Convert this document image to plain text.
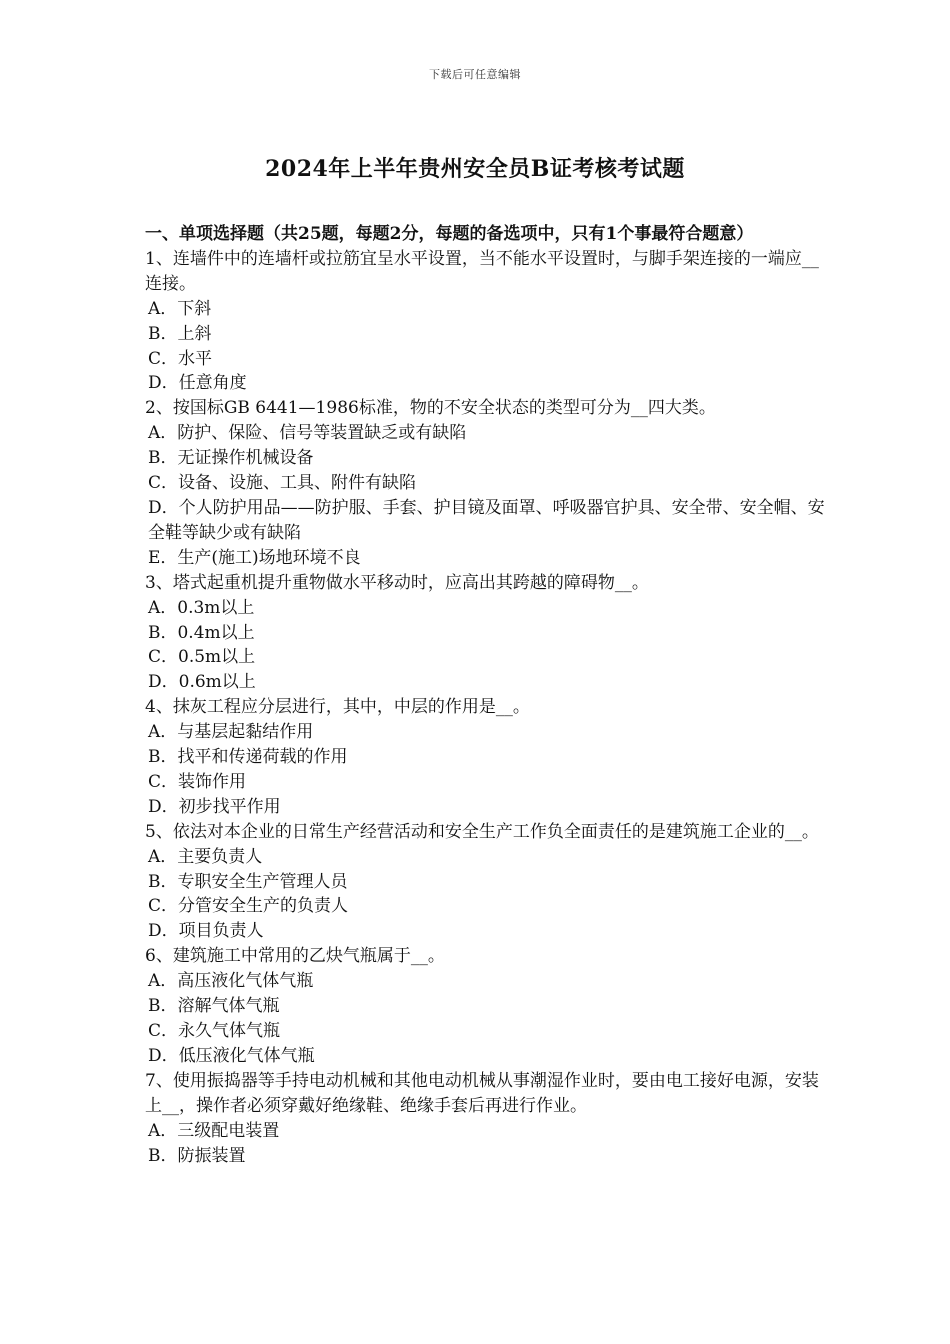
下载后可任意编辑
2024年上半年贵州安全员B证考核考试题
一、单项选择题（共25题，每题2分，每题的备选项中，只有1个事最符合题意）
1、连墙件中的连墙杆或拉筋宜呈水平设置，当不能水平设置时，与脚手架连接的一端应__连接。
A．下斜
B．上斜
C．水平
D．任意角度
2、按国标GB 6441—1986标准，物的不安全状态的类型可分为__四大类。
A．防护、保险、信号等装置缺乏或有缺陷
B．无证操作机械设备
C．设备、设施、工具、附件有缺陷
D．个人防护用品——防护服、手套、护目镜及面罩、呼吸器官护具、安全带、安全帽、安全鞋等缺少或有缺陷
E．生产(施工)场地环境不良
3、塔式起重机提升重物做水平移动时，应高出其跨越的障碍物__。
A．0.3m以上
B．0.4m以上
C．0.5m以上
D．0.6m以上
4、抹灰工程应分层进行，其中，中层的作用是__。
A．与基层起黏结作用
B．找平和传递荷载的作用
C．装饰作用
D．初步找平作用
5、依法对本企业的日常生产经营活动和安全生产工作负全面责任的是建筑施工企业的__。
A．主要负责人
B．专职安全生产管理人员
C．分管安全生产的负责人
D．项目负责人
6、建筑施工中常用的乙炔气瓶属于__。
A．高压液化气体气瓶
B．溶解气体气瓶
C．永久气体气瓶
D．低压液化气体气瓶
7、使用振捣器等手持电动机械和其他电动机械从事潮湿作业时，要由电工接好电源，安装上__，操作者必须穿戴好绝缘鞋、绝缘手套后再进行作业。
A．三级配电装置
B．防振装置
